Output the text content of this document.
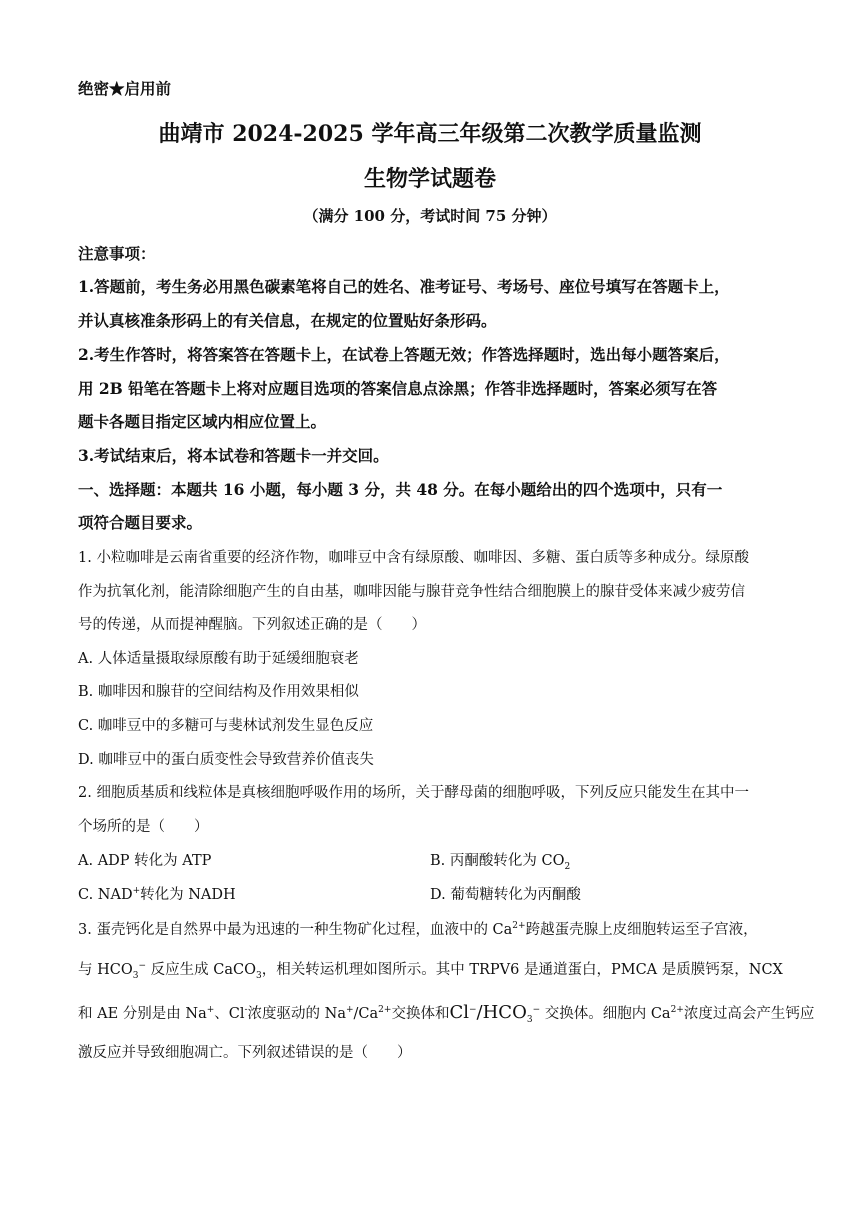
绝密★启用前
曲靖市 2024-2025 学年高三年级第二次教学质量监测
生物学试题卷
（满分 100 分，考试时间 75 分钟）
注意事项：
1.答题前，考生务必用黑色碳素笔将自己的姓名、准考证号、考场号、座位号填写在答题卡上，
并认真核准条形码上的有关信息，在规定的位置贴好条形码。
2.考生作答时，将答案答在答题卡上，在试卷上答题无效；作答选择题时，选出每小题答案后，
用 2B 铅笔在答题卡上将对应题目选项的答案信息点涂黑；作答非选择题时，答案必须写在答
题卡各题目指定区域内相应位置上。
3.考试结束后，将本试卷和答题卡一并交回。
一、选择题：本题共 16 小题，每小题 3 分，共 48 分。在每小题给出的四个选项中，只有一
项符合题目要求。
1. 小粒咖啡是云南省重要的经济作物，咖啡豆中含有绿原酸、咖啡因、多糖、蛋白质等多种成分。绿原酸
作为抗氧化剂，能清除细胞产生的自由基，咖啡因能与腺苷竞争性结合细胞膜上的腺苷受体来减少疲劳信
号的传递，从而提神醒脑。下列叙述正确的是（　　）
A. 人体适量摄取绿原酸有助于延缓细胞衰老
B. 咖啡因和腺苷的空间结构及作用效果相似
C. 咖啡豆中的多糖可与斐林试剂发生显色反应
D. 咖啡豆中的蛋白质变性会导致营养价值丧失
2. 细胞质基质和线粒体是真核细胞呼吸作用的场所，关于酵母菌的细胞呼吸，下列反应只能发生在其中一
个场所的是（　　）
A. ADP 转化为 ATP	B. 丙酮酸转化为 $CO_2$
C. NAD+转化为 NADH	D. 葡萄糖转化为丙酮酸
3. 蛋壳钙化是自然界中最为迅速的一种生物矿化过程，血液中的 $Ca^{2+}$跨越蛋壳腺上皮细胞转运至子宫液，
与 $HCO_3^-$ 反应生成 CaCO$_3$，相关转运机理如图所示。其中 TRPV6 是通道蛋白，PMCA 是质膜钙泵，NCX
和 AE 分别是由 Na+、Cl-浓度驱动的 $Na^+/Ca^{2+}$交换体和$Cl^-/HCO_3^-$ 交换体。细胞内 $Ca^{2+}$浓度过高会产生钙应
激反应并导致细胞凋亡。下列叙述错误的是（　　）
